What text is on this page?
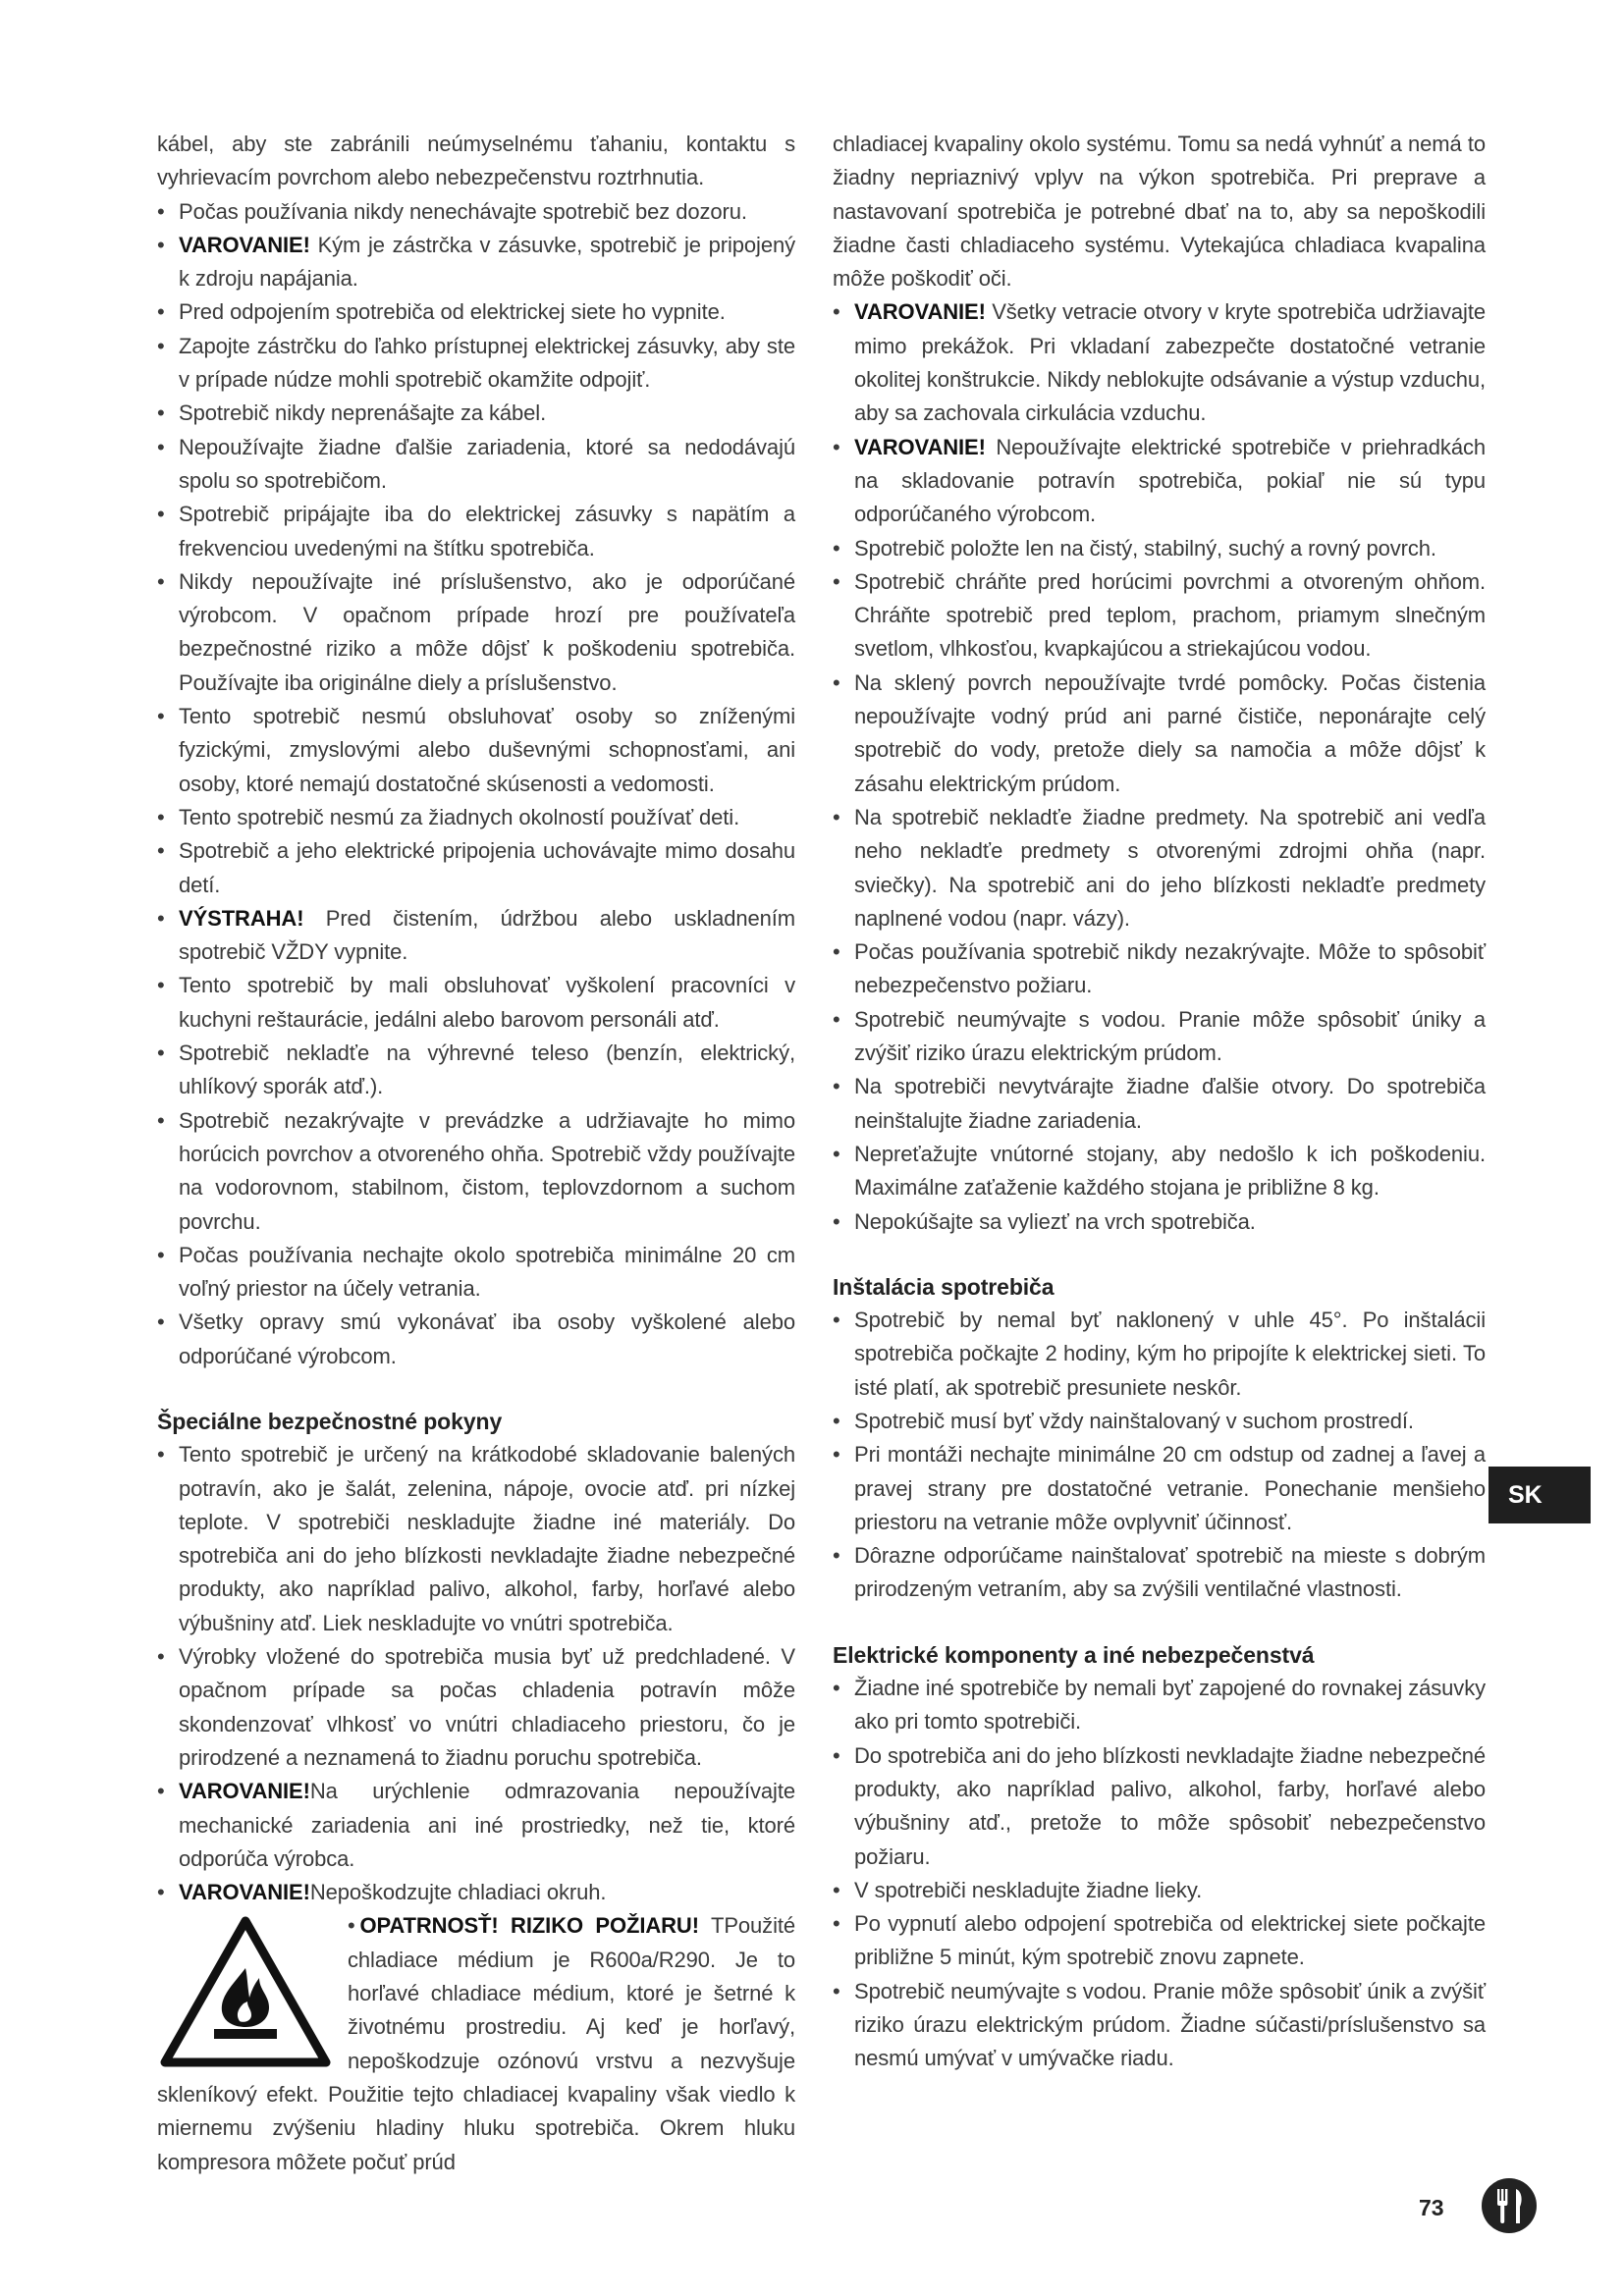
kábel, aby ste zabránili neúmyselnému ťahaniu, kontaktu s vyhrievacím povrchom alebo nebezpečenstvu roztrhnutia.

• Počas používania nikdy nenechávajte spotrebič bez dozoru.

• VAROVANIE! Kým je zástrčka v zásuvke, spotrebič je pripojený k zdroju napájania.

• Pred odpojením spotrebiča od elektrickej siete ho vypnite.

• Zapojte zástrčku do ľahko prístupnej elektrickej zásuvky, aby ste v prípade núdze mohli spotrebič okamžite odpojiť.

• Spotrebič nikdy neprenášajte za kábel.

• Nepoužívajte žiadne ďalšie zariadenia, ktoré sa nedodávajú spolu so spotrebičom.

• Spotrebič pripájajte iba do elektrickej zásuvky s napätím a frekvenciou uvedenými na štítku spotrebiča.

• Nikdy nepoužívajte iné príslušenstvo, ako je odporúčané výrobcom. V opačnom prípade hrozí pre používateľa bezpečnostné riziko a môže dôjsť k poškodeniu spotrebiča. Používajte iba originálne diely a príslušenstvo.

• Tento spotrebič nesmú obsluhovať osoby so zníženými fyzickými, zmyslovými alebo duševnými schopnosťami, ani osoby, ktoré nemajú dostatočné skúsenosti a vedomosti.

• Tento spotrebič nesmú za žiadnych okolností používať deti.

• Spotrebič a jeho elektrické pripojenia uchovávajte mimo dosahu detí.

• VÝSTRAHA! Pred čistením, údržbou alebo uskladnením spotrebič VŽDY vypnite.

• Tento spotrebič by mali obsluhovať vyškolení pracovníci v kuchyni reštaurácie, jedálni alebo barovom personáli atď.

• Spotrebič nekladťe na výhrevné teleso (benzín, elektrický, uhlíkový sporák atď.).

• Spotrebič nezakrývajte v prevádzke a udržiavajte ho mimo horúcich povrchov a otvoreného ohňa. Spotrebič vždy používajte na vodorovnom, stabilnom, čistom, teplovzdornom a suchom povrchu.

• Počas používania nechajte okolo spotrebiča minimálne 20 cm voľný priestor na účely vetrania.

• Všetky opravy smú vykonávať iba osoby vyškolené alebo odporúčané výrobcom.

Špeciálne bezpečnostné pokyny

• Tento spotrebič je určený na krátkodobé skladovanie balených potravín, ako je šalát, zelenina, nápoje, ovocie atď. pri nízkej teplote. V spotrebiči neskladujte žiadne iné materiály. Do spotrebiča ani do jeho blízkosti nevkladajte žiadne nebezpečné produkty, ako napríklad palivo, alkohol, farby, horľavé alebo výbušniny atď. Liek neskladujte vo vnútri spotrebiča.

• Výrobky vložené do spotrebiča musia byť už predchladené. V opačnom prípade sa počas chladenia potravín môže skondenzovať vlhkosť vo vnútri chladiaceho priestoru, čo je prirodzené a neznamená to žiadnu poruchu spotrebiča.

• VAROVANIE!Na urýchlenie odmrazovania nepoužívajte mechanické zariadenia ani iné prostriedky, než tie, ktoré odporúča výrobca.

• VAROVANIE!Nepoškodzujte chladiaci okruh.

• OPATRNOSŤ! RIZIKO POŽIARU! TPoužité chladiace médium je R600a/R290. Je to horľavé chladiace médium, ktoré je šetrné k životnému prostrediu. Aj keď je horľavý, nepoškodzuje ozónovú vrstvu a nezvyšuje skleníkový efekt. Použitie tejto chladiacej kvapaliny však viedlo k miernemu zvýšeniu hladiny hluku spotrebiča. Okrem hluku kompresora môžete počuť prúd

chladiacej kvapaliny okolo systému. Tomu sa nedá vyhnúť a nemá to žiadny nepriaznivý vplyv na výkon spotrebiča. Pri preprave a nastavovaní spotrebiča je potrebné dbať na to, aby sa nepoškodili žiadne časti chladiaceho systému. Vytekajúca chladiaca kvapalina môže poškodiť oči.

• VAROVANIE! Všetky vetracie otvory v kryte spotrebiča udržiavajte mimo prekážok. Pri vkladaní zabezpečte dostatočné vetranie okolitej konštrukcie. Nikdy neblokujte odsávanie a výstup vzduchu, aby sa zachovala cirkulácia vzduchu.

• VAROVANIE! Nepoužívajte elektrické spotrebiče v priehradkách na skladovanie potravín spotrebiča, pokiaľ nie sú typu odporúčaného výrobcom.

• Spotrebič položte len na čistý, stabilný, suchý a rovný povrch.

• Spotrebič chráňte pred horúcimi povrchmi a otvoreným ohňom. Chráňte spotrebič pred teplom, prachom, priamym slnečným svetlom, vlhkosťou, kvapkajúcou a striekajúcou vodou.

• Na sklený povrch nepoužívajte tvrdé pomôcky. Počas čistenia nepoužívajte vodný prúd ani parné čističe, neponárajte celý spotrebič do vody, pretože diely sa namočia a môže dôjsť k zásahu elektrickým prúdom.

• Na spotrebič nekladťe žiadne predmety. Na spotrebič ani vedľa neho nekladťe predmety s otvorenými zdrojmi ohňa (napr. sviečky). Na spotrebič ani do jeho blízkosti nekladťe predmety naplnené vodou (napr. vázy).

• Počas používania spotrebič nikdy nezakrývajte. Môže to spôsobiť nebezpečenstvo požiaru.

• Spotrebič neumývajte s vodou. Pranie môže spôsobiť úniky a zvýšiť riziko úrazu elektrickým prúdom.

• Na spotrebiči nevytvárajte žiadne ďalšie otvory. Do spotrebiča neinštalujte žiadne zariadenia.

• Nepreťažujte vnútorné stojany, aby nedošlo k ich poškodeniu. Maximálne zaťaženie každého stojana je približne 8 kg.

• Nepokúšajte sa vyliezť na vrch spotrebiča.

Inštalácia spotrebiča

• Spotrebič by nemal byť naklonený v uhle 45°. Po inštalácii spotrebiča počkajte 2 hodiny, kým ho pripojíte k elektrickej sieti. To isté platí, ak spotrebič presuniete neskôr.

• Spotrebič musí byť vždy nainštalovaný v suchom prostredí.

• Pri montáži nechajte minimálne 20 cm odstup od zadnej a ľavej a pravej strany pre dostatočné vetranie. Ponechanie menšieho priestoru na vetranie môže ovplyvniť účinnosť.

• Dôrazne odporúčame nainštalovať spotrebič na mieste s dobrým prirodzeným vetraním, aby sa zvýšili ventilačné vlastnosti.

Elektrické komponenty a iné nebezpečenstvá

• Žiadne iné spotrebiče by nemali byť zapojené do rovnakej zásuvky ako pri tomto spotrebiči.

• Do spotrebiča ani do jeho blízkosti nevkladajte žiadne nebezpečné produkty, ako napríklad palivo, alkohol, farby, horľavé alebo výbušniny atď., pretože to môže spôsobiť nebezpečenstvo požiaru.

• V spotrebiči neskladujte žiadne lieky.

• Po vypnutí alebo odpojení spotrebiča od elektrickej siete počkajte približne 5 minút, kým spotrebič znovu zapnete.

• Spotrebič neumývajte s vodou. Pranie môže spôsobiť únik a zvýšiť riziko úrazu elektrickým prúdom. Žiadne súčasti/príslušenstvo sa nesmú umývať v umývačke riadu.

SK
73
